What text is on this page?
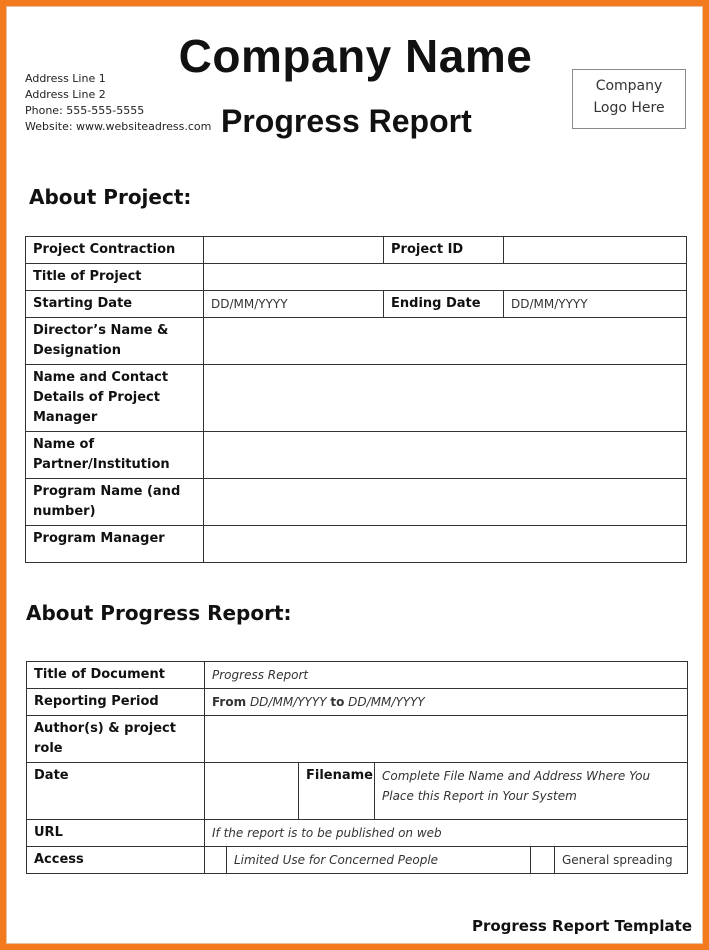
Company Name
Address Line 1
Address Line 2
Phone: 555-555-5555
Website: www.websiteadress.com Progress Report
Company
Logo Here
About Project:
Project Contraction		Project ID	
Title of Project			
Starting Date	DD/MM/YYYY	Ending Date	DD/MM/YYYY

Director’s Name &
Designation			

Name and Contact
Details of Project
Manager			

Name of
Partner/Institution			

Program Name (and
number)			

Program Manager			
About Progress Report:
Title of Document	Progress Report					
Reporting Period	From DD/MM/YYYY to DD/MM/YYYY					
Author(s) & project role						
Date			Filename	Complete File Name and Address Where You
Place this Report in Your System		

URL	If the report is to be published on web					
Access		Limited Use for Concerned People				General spreading
Progress Report Template
